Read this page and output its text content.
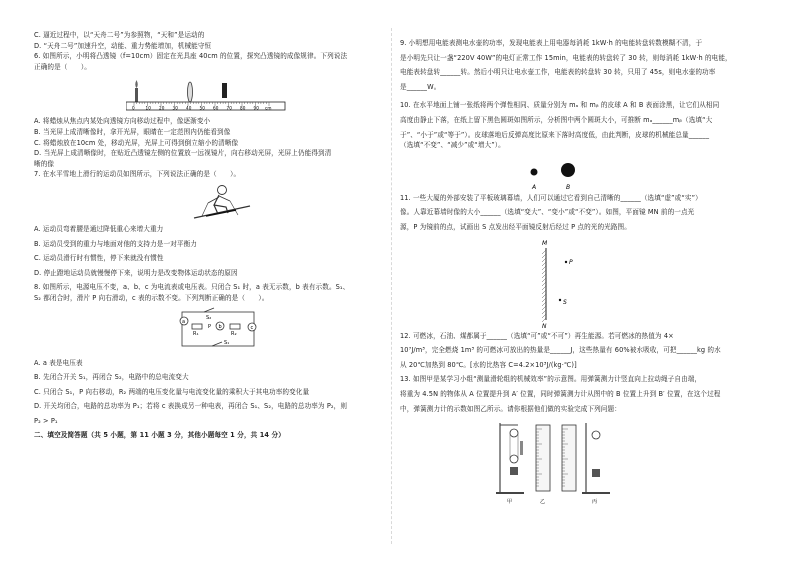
C. 逼近过程中，以“天舟二号”为参照物，“天和”是运动的

D. “天舟二号”加速升空，动能、重力势能增加，机械能守恒

6. 如图所示，小明将凸透镜（f=10cm）固定在光具座 40cm 的位置，探究凸透镜的成像规律。下列说法

正确的是（　　）。

0	10 20 30 40 50 60 70 80 90 cm

A. 将蜡烛从焦点内某处向透镜方向移动过程中，像逐渐变小

B. 当光屏上成清晰像时，拿开光屏，眼睛在一定范围内仍能看到像

C. 将蜡烛放在10cm 处，移动光屏，光屏上可得到倒立缩小的清晰像

D. 当光屏上成清晰像时，在贴近凸透镜左侧的位置放一远视镜片，向右移动光屏，光屏上仍能得到清

晰的像

7. 在水平雪地上滑行的运动员如图所示，下列说法正确的是（　　）。

A. 运动员弯着腰是通过降低重心来增大重力

B. 运动员受到的重力与地面对他的支持力是一对平衡力

C. 运动员滑行时有惯性，停下来就没有惯性

D. 停止蹬地运动员就慢慢停下来，说明力是改变物体运动状态的原因

8. 如图所示，电源电压不变，a、b、c 为电流表或电压表。只闭合 S₁ 时，a 表无示数，b 表有示数。S₁、

S₂ 都闭合时，滑片 P 向右滑动，c 表的示数不变。下列判断正确的是（　　）。

a
S₂
R₁
P b
R₂
c
S₁

A. a 表是电压表

B. 先闭合开关 S₁，再闭合 S₂，电路中的总电流变大

C. 只闭合 S₁，P 向右移动，R₂ 两端的电压变化量与电流变化量的乘积大于其电功率的变化量

D. 开关均闭合，电路的总功率为 P₁；若将 c 表换成另一种电表，再闭合 S₁、S₂，电路的总功率为 P₂，则

P₂ > P₁

二、填空及简答题（共 5 小题，第 11 小题 3 分，其他小题每空 1 分，共 14 分）

9. 小明想用电能表测电水壶的功率，发现电能表上用电器每消耗 1kW·h 的电能转盘转数模糊不清，于

是小明先只让一盏“220V 40W”的电灯正常工作 15min，电能表的转盘转了 30 转，则每消耗 1kW·h 的电能，

电能表转盘转______转。然后小明只让电水壶工作，电能表的转盘转 30 转，只用了 45s，则电水壶的功率

是______W。

10. 在水平地面上铺一张纸将两个弹性相同、质量分别为 mₐ 和 mᵦ 的皮球 A 和 B 表面涂黑，让它们从相同

高度由静止下落，在纸上留下黑色圆斑如图所示，分析图中两个圆斑大小，可推断 mₐ______mᵦ（选填“大

于”、“小于”或“等于”）。皮球落地后反弹高度比原来下落时高度低，由此判断，皮球的机械能总量______

（选填“不变”、“减少”或“增大”）。

A	B

11. 一些大厦的外部安装了平板玻璃幕墙，人们可以通过它看到自己清晰的______（选填“虚”或“实”）

像。人靠近幕墙时像的大小______（选填“变大”、“变小”或“不变”）。如图，平面镜 MN 前的一点光

源，P 为镜前的点，试画出 S 点发出经平面镜反射后经过 P 点的光的光路图。

M
P
S
N

12. 可燃冰，石油、煤都属于______（选填“可”或“不可”）再生能源。若可燃冰的热值为 4×

10⁷J/m³，完全燃烧 1m³ 的可燃冰可放出的热量是______J，这些热量有 60%被水吸收，可把______kg 的水

从 20℃加热到 80℃。[水的比热容 C=4.2×10³J/(kg·℃)]

13. 如图甲是某学习小组“测量滑轮组的机械效率”的示意图。用弹簧测力计竖直向上拉动绳子自由端，

将重为 4.5N 的物体从 A 位置提升到 A′ 位置，同时弹簧测力计从图中的 B 位置上升到 B′ 位置，在这个过程

中，弹簧测力计的示数如图乙所示。请你根据他们做的实验完成下列问题：

甲	乙	丙
